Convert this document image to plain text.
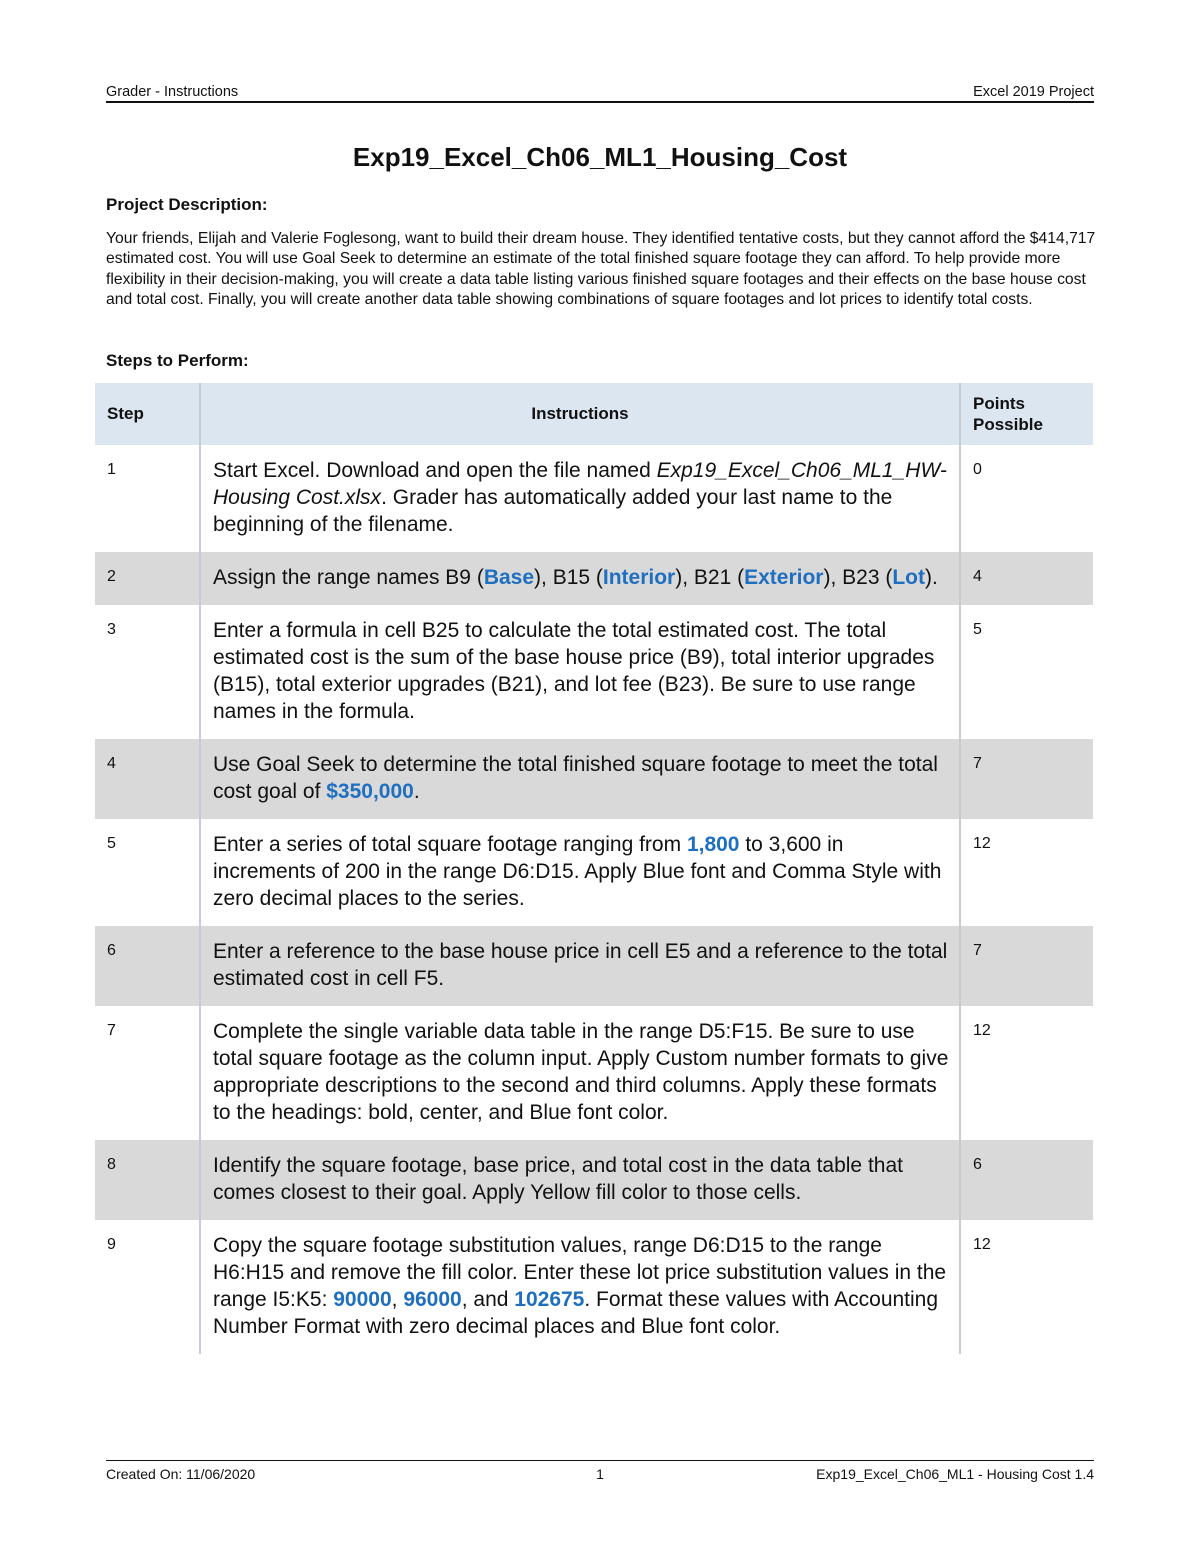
Grader - Instructions	Excel 2019 Project
Exp19_Excel_Ch06_ML1_Housing_Cost
Project Description:
Your friends, Elijah and Valerie Foglesong, want to build their dream house. They identified tentative costs, but they cannot afford the $414,717 estimated cost. You will use Goal Seek to determine an estimate of the total finished square footage they can afford. To help provide more flexibility in their decision-making, you will create a data table listing various finished square footages and their effects on the base house cost and total cost. Finally, you will create another data table showing combinations of square footages and lot prices to identify total costs.
Steps to Perform:
Step	Instructions	Points
Possible
1	Start Excel. Download and open the file named Exp19_Excel_Ch06_ML1_HW-Housing Cost.xlsx. Grader has automatically added your last name to the beginning of the filename.	0
2	Assign the range names B9 (Base), B15 (Interior), B21 (Exterior), B23 (Lot).	4
3	Enter a formula in cell B25 to calculate the total estimated cost. The total estimated cost is the sum of the base house price (B9), total interior upgrades (B15), total exterior upgrades (B21), and lot fee (B23). Be sure to use range names in the formula.	5
4	Use Goal Seek to determine the total finished square footage to meet the total cost goal of $350,000.	7
5	Enter a series of total square footage ranging from 1,800 to 3,600 in increments of 200 in the range D6:D15. Apply Blue font and Comma Style with zero decimal places to the series.	12
6	Enter a reference to the base house price in cell E5 and a reference to the total estimated cost in cell F5.	7
7	Complete the single variable data table in the range D5:F15. Be sure to use total square footage as the column input. Apply Custom number formats to give appropriate descriptions to the second and third columns. Apply these formats to the headings: bold, center, and Blue font color.	12
8	Identify the square footage, base price, and total cost in the data table that comes closest to their goal. Apply Yellow fill color to those cells.	6
9	Copy the square footage substitution values, range D6:D15 to the range H6:H15 and remove the fill color. Enter these lot price substitution values in the range I5:K5: 90000, 96000, and 102675. Format these values with Accounting Number Format with zero decimal places and Blue font color.	12
Created On: 11/06/2020	1	Exp19_Excel_Ch06_ML1 - Housing Cost 1.4
